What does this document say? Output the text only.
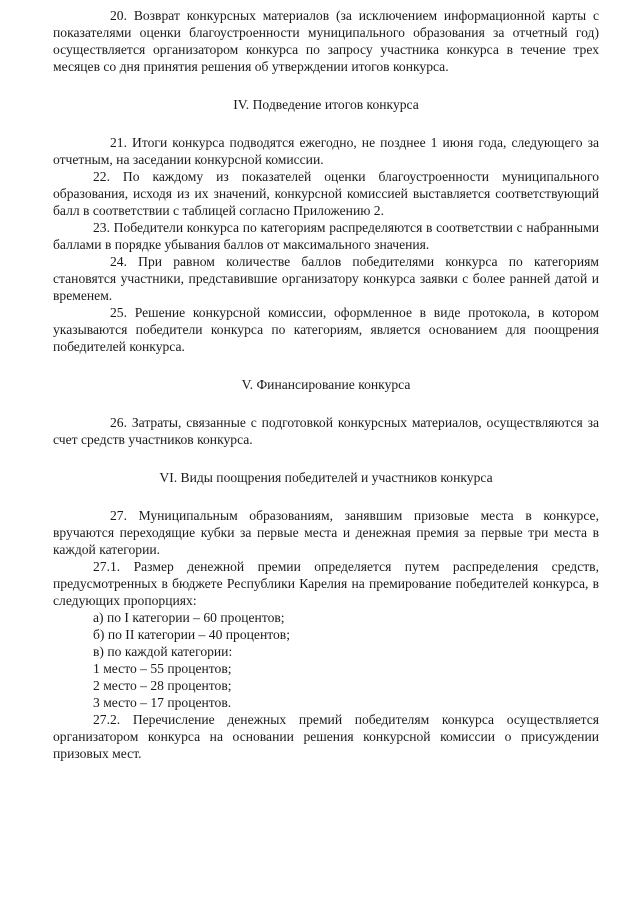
20. Возврат конкурсных материалов (за исключением информационной карты с показателями оценки благоустроенности муниципального образования за отчетный год) осуществляется организатором конкурса по запросу участника конкурса в течение трех месяцев со дня принятия решения об утверждении итогов конкурса.

IV. Подведение итогов конкурса

21. Итоги конкурса подводятся ежегодно, не позднее 1 июня года, следующего за отчетным, на заседании конкурсной комиссии.

22. По каждому из показателей оценки благоустроенности муниципального образования, исходя из их значений, конкурсной комиссией выставляется соответствующий балл в соответствии с таблицей согласно Приложению 2.

23. Победители конкурса по категориям распределяются в соответствии с набранными баллами в порядке убывания баллов от максимального значения.

24. При равном количестве баллов победителями конкурса по категориям становятся участники, представившие организатору конкурса заявки с более ранней датой и временем.

25. Решение конкурсной комиссии, оформленное в виде протокола, в котором указываются победители конкурса по категориям, является основанием для поощрения победителей конкурса.

V. Финансирование конкурса

26. Затраты, связанные с подготовкой конкурсных материалов, осуществляются за счет средств участников конкурса.

VI. Виды поощрения победителей и участников конкурса

27. Муниципальным образованиям, занявшим призовые места в конкурсе, вручаются переходящие кубки за первые места и денежная премия за первые три места в каждой категории.

27.1. Размер денежной премии определяется путем распределения средств, предусмотренных в бюджете Республики Карелия на премирование победителей конкурса, в следующих пропорциях:

а) по I категории – 60 процентов;

б) по II категории – 40 процентов;

в) по каждой категории:

1 место – 55 процентов;

2 место – 28 процентов;

3 место – 17 процентов.

27.2. Перечисление денежных премий победителям конкурса осуществляется организатором конкурса на основании решения конкурсной комиссии о присуждении призовых мест.
